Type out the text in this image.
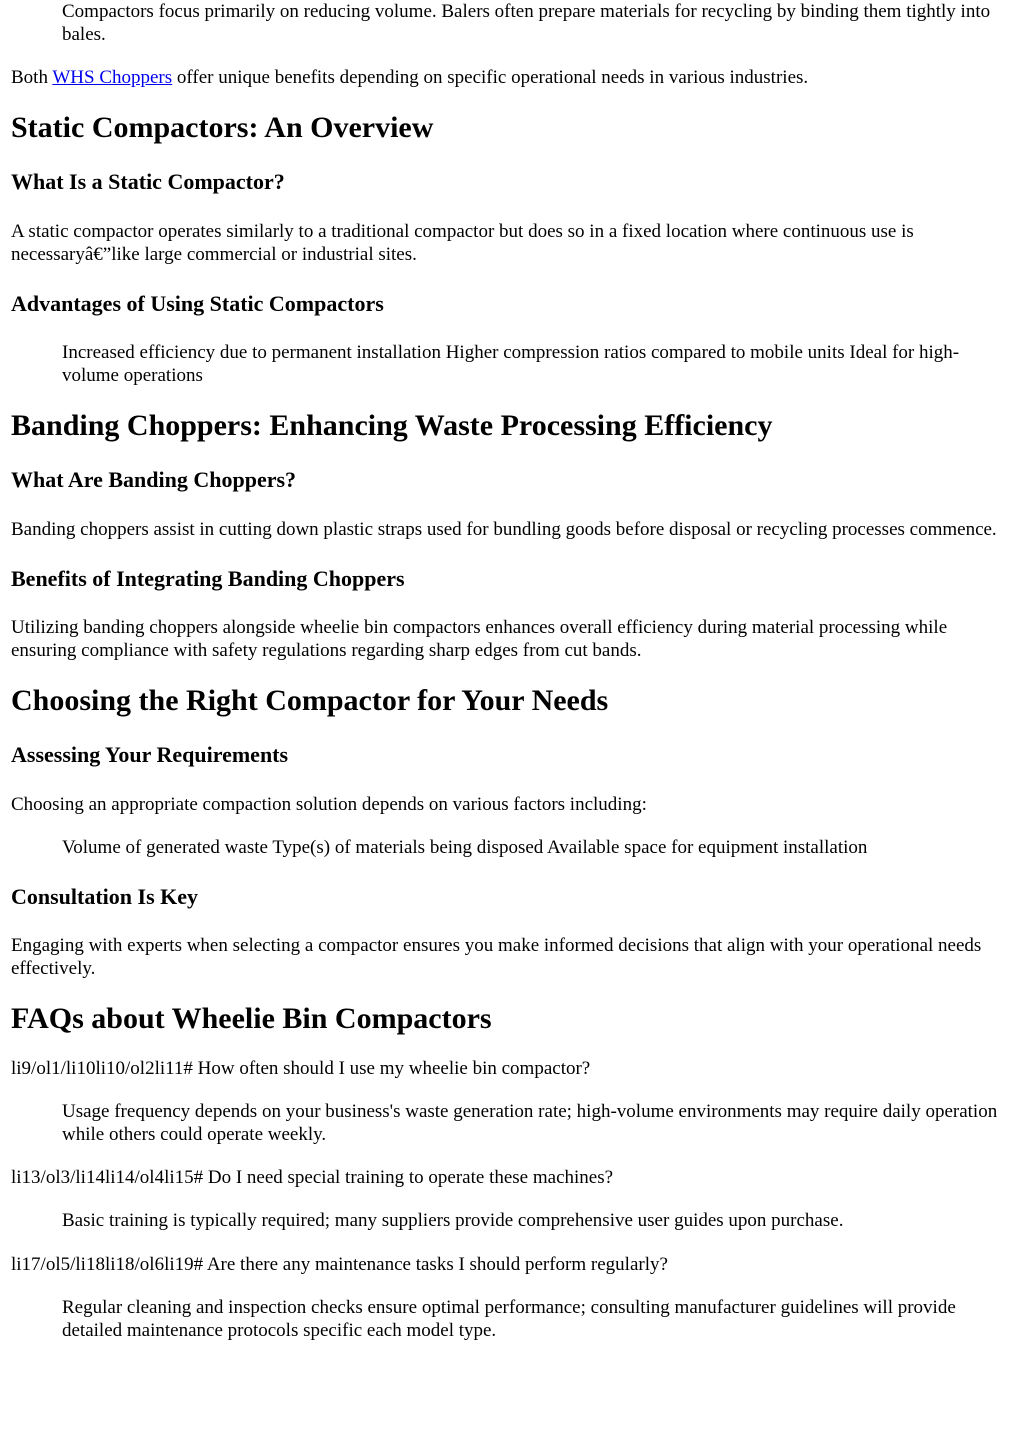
Compactors focus primarily on reducing volume. Balers often prepare materials for recycling by binding them tightly into bales.

Both WHS Choppers offer unique benefits depending on specific operational needs in various industries.

Static Compactors: An Overview
What Is a Static Compactor?

A static compactor operates similarly to a traditional compactor but does so in a fixed location where continuous use is necessaryâ€”like large commercial or industrial sites.

Advantages of Using Static Compactors

Increased efficiency due to permanent installation Higher compression ratios compared to mobile units Ideal for high-volume operations

Banding Choppers: Enhancing Waste Processing Efficiency
What Are Banding Choppers?

Banding choppers assist in cutting down plastic straps used for bundling goods before disposal or recycling processes commence.

Benefits of Integrating Banding Choppers

Utilizing banding choppers alongside wheelie bin compactors enhances overall efficiency during material processing while ensuring compliance with safety regulations regarding sharp edges from cut bands.

Choosing the Right Compactor for Your Needs
Assessing Your Requirements

Choosing an appropriate compaction solution depends on various factors including:

Volume of generated waste Type(s) of materials being disposed Available space for equipment installation

Consultation Is Key

Engaging with experts when selecting a compactor ensures you make informed decisions that align with your operational needs effectively.

FAQs about Wheelie Bin Compactors

li9/ol1/li10li10/ol2li11# How often should I use my wheelie bin compactor?

Usage frequency depends on your business's waste generation rate; high-volume environments may require daily operation while others could operate weekly.

li13/ol3/li14li14/ol4li15# Do I need special training to operate these machines?

Basic training is typically required; many suppliers provide comprehensive user guides upon purchase.

li17/ol5/li18li18/ol6li19# Are there any maintenance tasks I should perform regularly?

Regular cleaning and inspection checks ensure optimal performance; consulting manufacturer guidelines will provide detailed maintenance protocols specific each model type.
